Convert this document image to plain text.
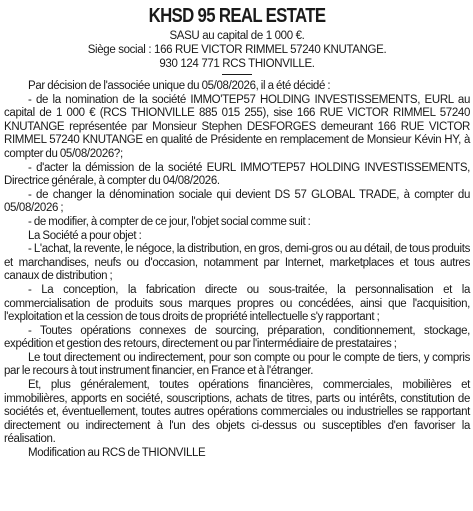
KHSD 95 REAL ESTATE
SASU au capital de 1 000 €.
Siège social : 166 RUE VICTOR RIMMEL 57240 KNUTANGE.
930 124 771 RCS THIONVILLE.

Par décision de l'associée unique du 05/08/2026, il a été décidé :

- de la nomination de la société IMMO'TEP57 HOLDING INVESTISSEMENTS, EURL au capital de 1 000 € (RCS THIONVILLE 885 015 255), sise 166 RUE VICTOR RIMMEL 57240 KNUTANGE représentée par Monsieur Stephen DESFORGES demeurant 166 RUE VICTOR RIMMEL 57240 KNUTANGE en qualité de Présidente en remplacement de Monsieur Kévin HY, à compter du 05/08/2026?;

- d'acter la démission de la société EURL IMMO'TEP57 HOLDING INVESTISSEMENTS, Directrice générale, à compter du 04/08/2026.

- de changer la dénomination sociale qui devient DS 57 GLOBAL TRADE, à compter du 05/08/2026 ;

- de modifier, à compter de ce jour, l'objet social comme suit :

La Société a pour objet :

- L'achat, la revente, le négoce, la distribution, en gros, demi-gros ou au détail, de tous produits et marchandises, neufs ou d'occasion, notamment par Internet, marketplaces et tous autres canaux de distribution ;

- La conception, la fabrication directe ou sous-traitée, la personnalisation et la commercialisation de produits sous marques propres ou concédées, ainsi que l'acquisition, l'exploitation et la cession de tous droits de propriété intellectuelle s'y rapportant ;

- Toutes opérations connexes de sourcing, préparation, conditionnement, stockage, expédition et gestion des retours, directement ou par l'intermédiaire de prestataires ;

Le tout directement ou indirectement, pour son compte ou pour le compte de tiers, y compris par le recours à tout instrument financier, en France et à l'étranger.

Et, plus généralement, toutes opérations financières, commerciales, mobilières et immobilières, apports en société, souscriptions, achats de titres, parts ou intérêts, constitution de sociétés et, éventuellement, toutes autres opérations commerciales ou industrielles se rapportant directement ou indirectement à l'un des objets ci-dessus ou susceptibles d'en favoriser la réalisation.

Modification au RCS de THIONVILLE
